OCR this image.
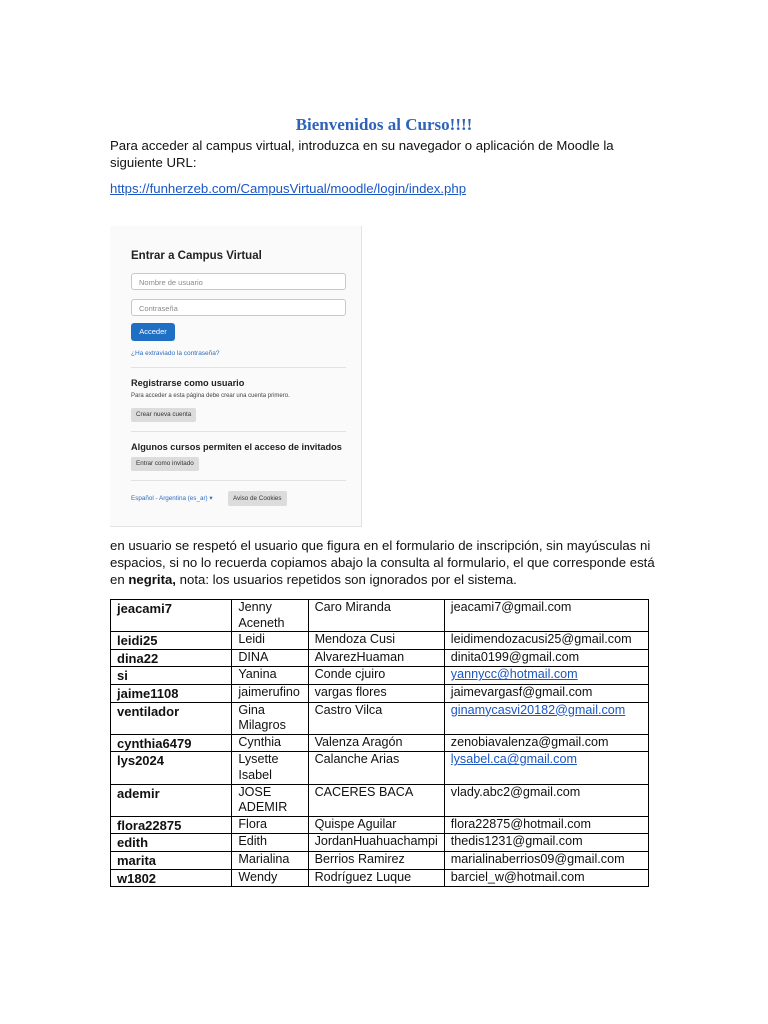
Bienvenidos al Curso!!!!
Para acceder al campus virtual, introduzca en su navegador o aplicación de Moodle la siguiente URL:
https://funherzeb.com/CampusVirtual/moodle/login/index.php
Entrar a Campus Virtual
Nombre de usuario
Contraseña
Acceder
¿Ha extraviado la contraseña?
Registrarse como usuario
Para acceder a esta página debe crear una cuenta primero.
Crear nueva cuenta
Algunos cursos permiten el acceso de invitados
Entrar como invitado
Español - Argentina (es_ar) ▾	Aviso de Cookies
en usuario se respetó el usuario que figura en el formulario de inscripción, sin mayúsculas ni espacios, si no lo recuerda copiamos abajo la consulta al formulario, el que corresponde está en negrita, nota: los usuarios repetidos son ignorados por el sistema.
jeacami7	Jenny Aceneth	Caro Miranda	jeacami7@gmail.com
leidi25	Leidi	Mendoza Cusi	leidimendozacusi25@gmail.com
dina22	DINA	AlvarezHuaman	dinita0199@gmail.com
si	Yanina	Conde cjuiro	yannycc@hotmail.com
jaime1108	jaimerufino	vargas flores	jaimevargasf@gmail.com
ventilador	Gina Milagros	Castro Vilca	ginamycasvi20182@gmail.com
cynthia6479	Cynthia	Valenza Aragón	zenobiavalenza@gmail.com
lys2024	Lysette Isabel	Calanche Arias	lysabel.ca@gmail.com
ademir	JOSE ADEMIR	CACERES BACA	vlady.abc2@gmail.com
flora22875	Flora	Quispe Aguilar	flora22875@hotmail.com
edith	Edith	JordanHuahuachampi	thedis1231@gmail.com
marita	Marialina	Berrios Ramirez	marialinaberrios09@gmail.com
w1802	Wendy	Rodríguez Luque	barciel_w@hotmail.com
